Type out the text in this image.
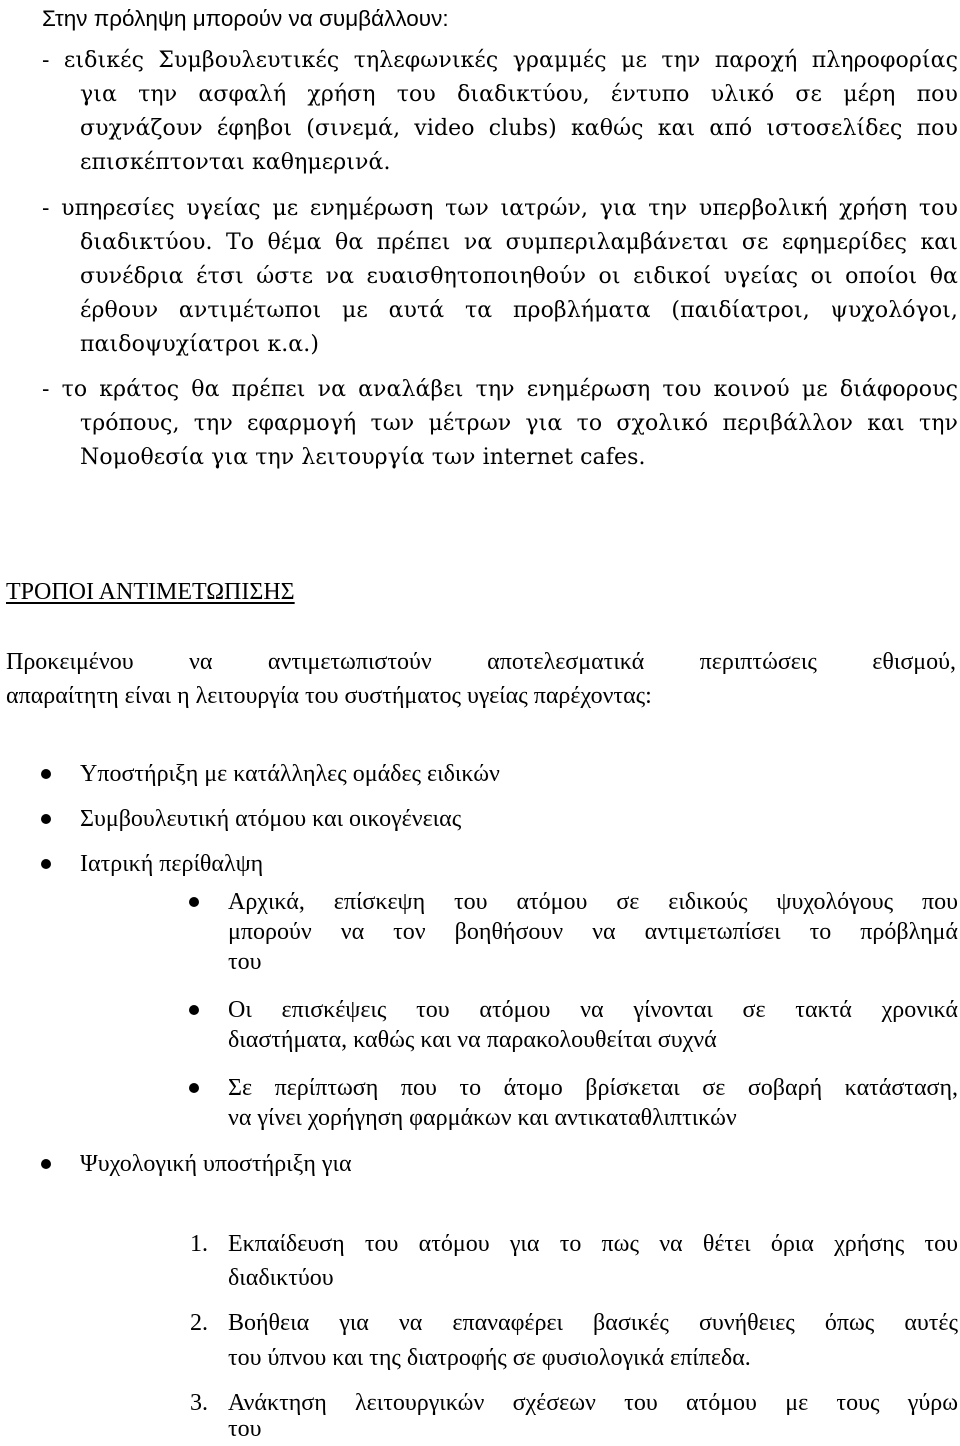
Στην πρόληψη μπορούν να συμβάλλουν:
- ειδικές Συμβουλευτικές τηλεφωνικές γραμμές με την παροχή πληροφορίας
για την ασφαλή χρήση του διαδικτύου, έντυπο υλικό σε μέρη που
συχνάζουν έφηβοι (σινεμά, video clubs) καθώς και από ιστοσελίδες που
επισκέπτονται καθημερινά.
- υπηρεσίες υγείας με ενημέρωση των ιατρών, για την υπερβολική χρήση του
διαδικτύου. Το θέμα θα πρέπει να συμπεριλαμβάνεται σε εφημερίδες και
συνέδρια έτσι ώστε να ευαισθητοποιηθούν οι ειδικοί υγείας οι οποίοι θα
έρθουν αντιμέτωποι με αυτά τα προβλήματα (παιδίατροι, ψυχολόγοι,
παιδοψυχίατροι κ.α.)
- το κράτος θα πρέπει να αναλάβει την ενημέρωση του κοινού με διάφορους
τρόπους, την εφαρμογή των μέτρων για το σχολικό περιβάλλον και την
Νομοθεσία για την λειτουργία των internet cafes.
ΤΡΟΠΟΙ ΑΝΤΙΜΕΤΩΠΙΣΗΣ
Προκειμένου να αντιμετωπιστούν αποτελεσματικά περιπτώσεις εθισμού,
απαραίτητη είναι η λειτουργία του συστήματος υγείας παρέχοντας:
Υποστήριξη με κατάλληλες ομάδες ειδικών
Συμβουλευτική ατόμου και οικογένειας
Ιατρική περίθαλψη
Αρχικά, επίσκεψη του ατόμου σε ειδικούς ψυχολόγους που
μπορούν να τον βοηθήσουν να αντιμετωπίσει το πρόβλημά
του
Οι επισκέψεις του ατόμου να γίνονται σε τακτά χρονικά
διαστήματα, καθώς και να παρακολουθείται συχνά
Σε περίπτωση που το άτομο βρίσκεται σε σοβαρή κατάσταση,
να γίνει χορήγηση φαρμάκων και αντικαταθλιπτικών
Ψυχολογική υποστήριξη για
1. Εκπαίδευση του ατόμου για το πως να θέτει όρια χρήσης του
διαδικτύου
2. Βοήθεια για να επαναφέρει βασικές συνήθειες όπως αυτές
του ύπνου και της διατροφής σε φυσιολογικά επίπεδα.
3. Ανάκτηση λειτουργικών σχέσεων του ατόμου με τους γύρω
του
